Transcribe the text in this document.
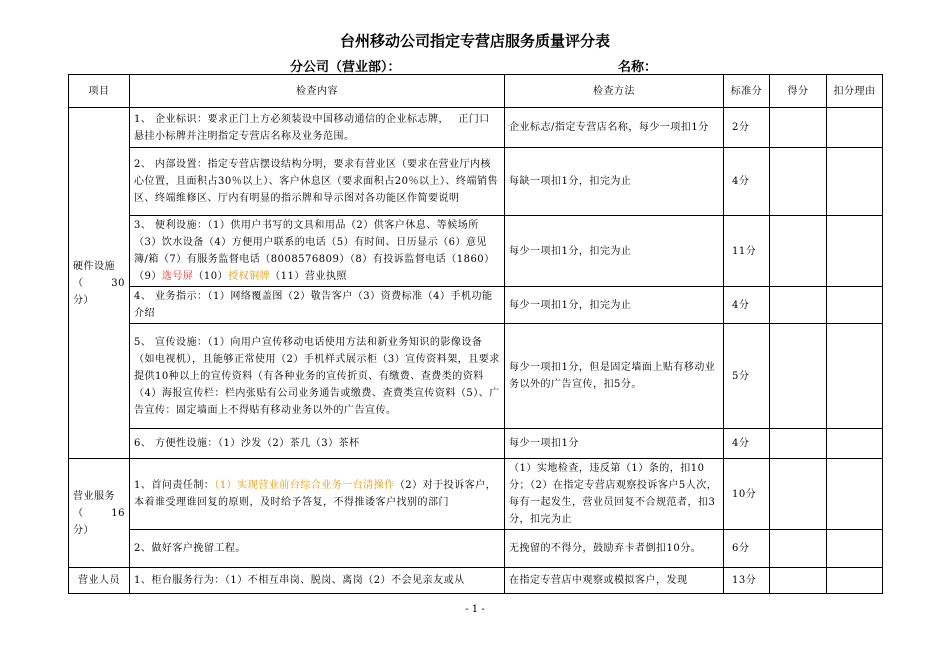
台州移动公司指定专营店服务质量评分表
分公司（营业部）：	名称：
项目	检查内容	检查方法	标准分	得分	扣分理由

硬件设施
（ 30
分）	1、 企业标识：要求正门上方必须装设中国移动通信的企业标志牌，　 正门口悬挂小标牌并注明指定专营店名称及业务范围。	企业标志/指定专营店名称，每少一项扣1分	2分		
	2、 内部设置：指定专营店摆设结构分明，要求有营业区（要求在营业厅内核心位置，且面积占30％以上）、客户休息区（要求面积占20％以上）、终端销售区、终端维修区、厅内有明显的指示牌和导示图对各功能区作简要说明	每缺一项扣1分，扣完为止	4分		
	3、 便利设施：（1）供用户书写的文具和用品（2）供客户休息、等候场所（3）饮水设备（4）方便用户联系的电话（5）有时间、日历显示（6）意见簿/箱（7）有服务监督电话（8008576809）（8）有投诉监督电话（1860）（9）选号屏（10）授权铜牌（11）营业执照	每少一项扣1分，扣完为止	11分		
	4、 业务指示：（1）网络覆盖图（2）敬告客户（3）资费标准（4）手机功能介绍	每少一项扣1分，扣完为止	4分		
	5、 宣传设施：（1）向用户宣传移动电话使用方法和新业务知识的影像设备（如电视机），且能够正常使用（2）手机样式展示柜（3）宣传资料架，且要求提供10种以上的宣传资料（有各种业务的宣传折页、有缴费、查费类的资料（4）海报宣传栏：栏内张贴有公司业务通告或缴费、查费类宣传资料（5）、广告宣传：固定墙面上不得贴有移动业务以外的广告宣传。	每少一项扣1分，但是固定墙面上贴有移动业务以外的广告宣传，扣5分。	5分		
	6、 方便性设施：（1）沙发（2）茶几（3）茶杯	每少一项扣1分	4分		

营业服务
（ 16
分）	1、首问责任制：（1）实现营业前台综合业务一台清操作（2）对于投诉客户，本着谁受理谁回复的原则，及时给予答复，不得推诿客户找别的部门	（1）实地检查，违反第（1）条的，扣10分；（2）在指定专营店观察投诉客户5人次，每有一起发生，营业员回复不合规范者，扣3分，扣完为止	10分		
	2、做好客户挽留工程。	无挽留的不得分，鼓励弃卡者倒扣10分。	6分		
营业人员	1、柜台服务行为：（1）不相互串岗、脱岗、离岗（2）不会见亲友或从	在指定专营店中观察或模拟客户，发现	13分		
- 1 -
